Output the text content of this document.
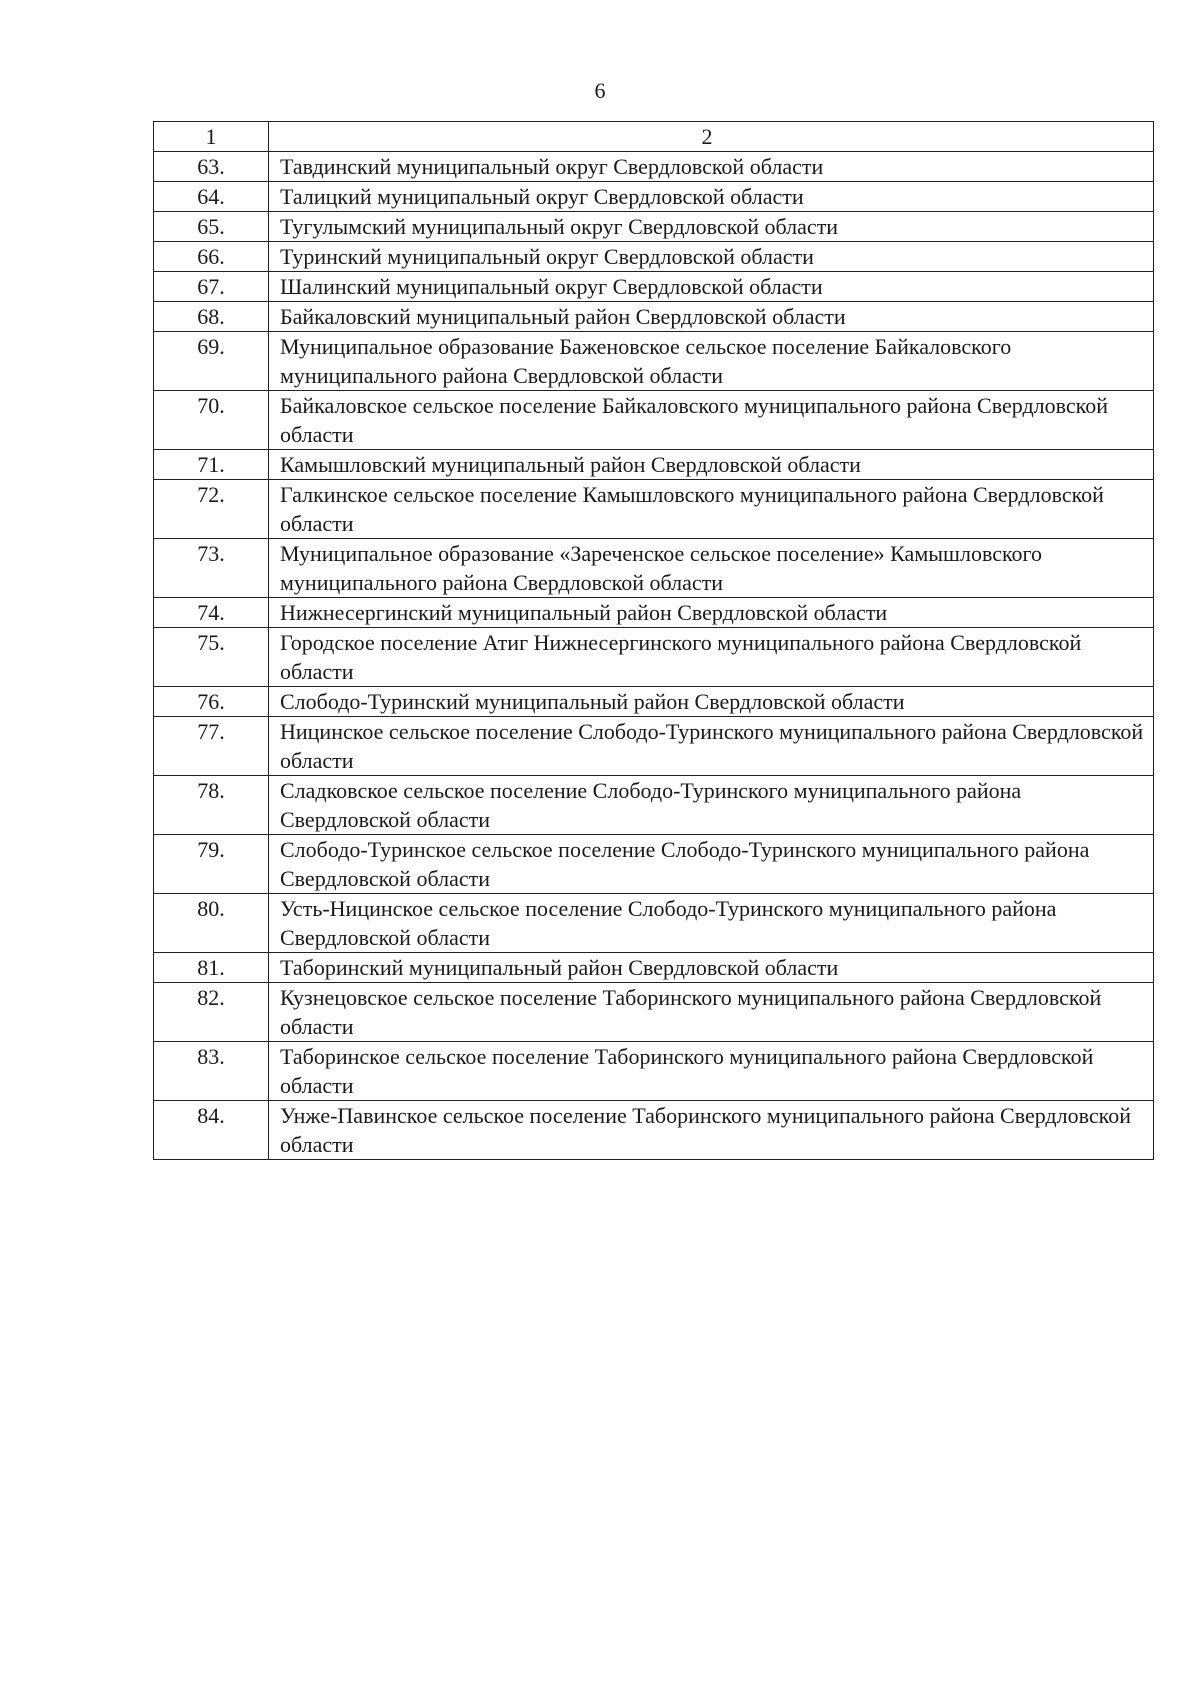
6
1	2
63.	Тавдинский муниципальный округ Свердловской области
64.	Талицкий муниципальный округ Свердловской области
65.	Тугулымский муниципальный округ Свердловской области
66.	Туринский муниципальный округ Свердловской области
67.	Шалинский муниципальный округ Свердловской области
68.	Байкаловский муниципальный район Свердловской области
69.	Муниципальное образование Баженовское сельское поселение Байкаловского муниципального района Свердловской области
70.	Байкаловское сельское поселение Байкаловского муниципального района Свердловской области
71.	Камышловский муниципальный район Свердловской области
72.	Галкинское сельское поселение Камышловского муниципального района Свердловской области
73.	Муниципальное образование «Зареченское сельское поселение» Камышловского муниципального района Свердловской области
74.	Нижнесергинский муниципальный район Свердловской области
75.	Городское поселение Атиг Нижнесергинского муниципального района Свердловской области
76.	Слободо-Туринский муниципальный район Свердловской области
77.	Ницинское сельское поселение Слободо-Туринского муниципального района Свердловской области
78.	Сладковское сельское поселение Слободо-Туринского муниципального района Свердловской области
79.	Слободо-Туринское сельское поселение Слободо-Туринского муниципального района Свердловской области
80.	Усть-Ницинское сельское поселение Слободо-Туринского муниципального района Свердловской области
81.	Таборинский муниципальный район Свердловской области
82.	Кузнецовское сельское поселение Таборинского муниципального района Свердловской области
83.	Таборинское сельское поселение Таборинского муниципального района Свердловской области
84.	Унже-Павинское сельское поселение Таборинского муниципального района Свердловской области
